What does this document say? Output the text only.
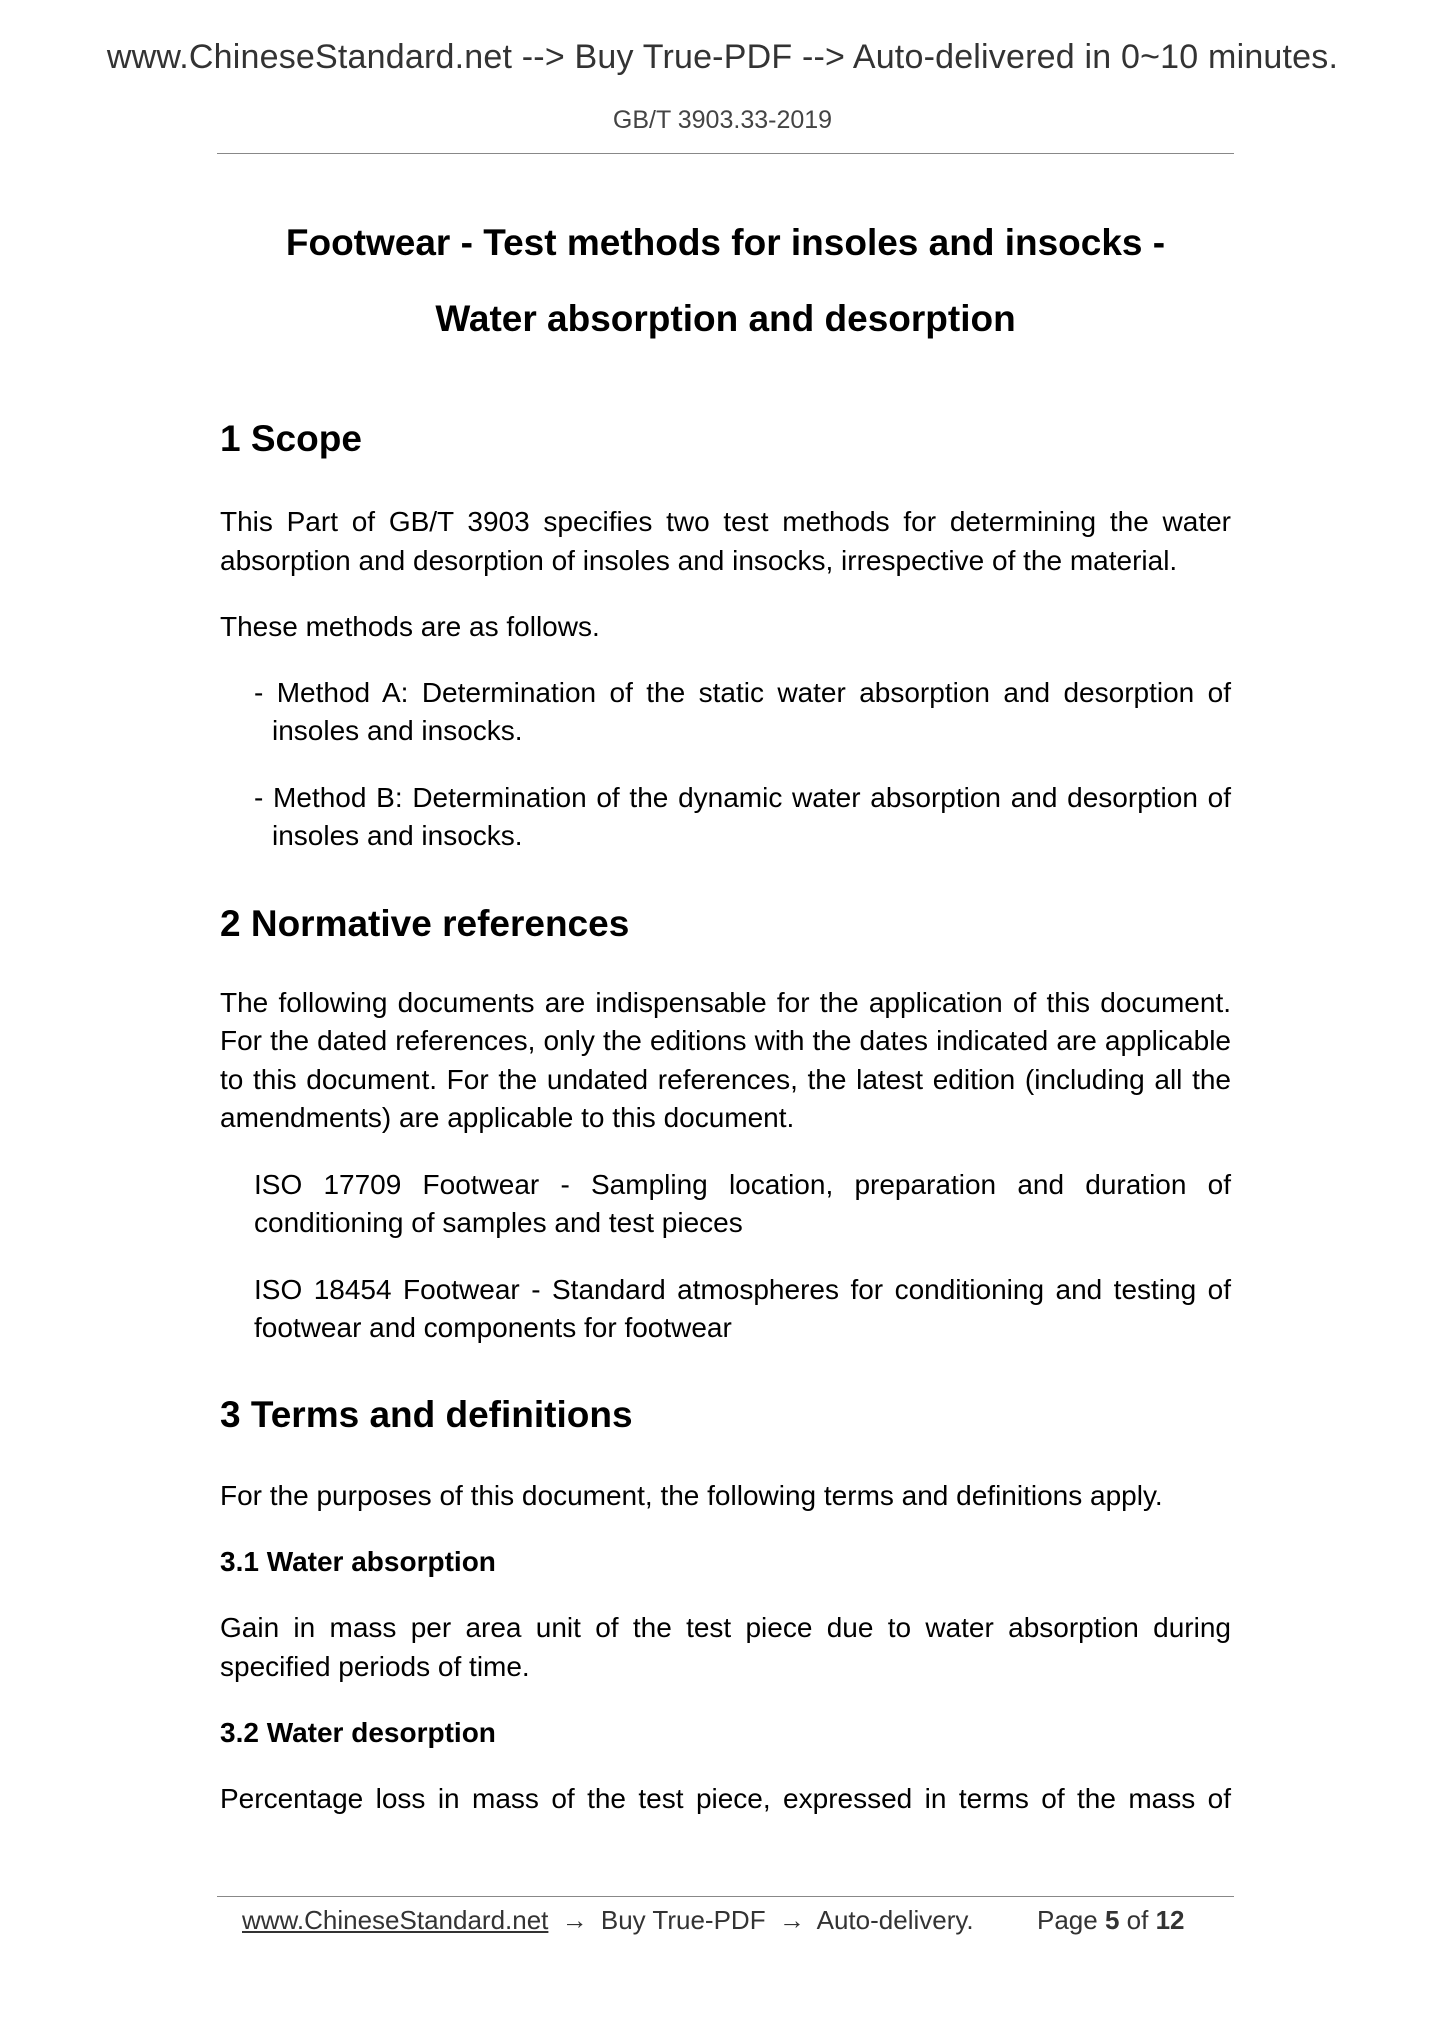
www.ChineseStandard.net --> Buy True-PDF --> Auto-delivered in 0~10 minutes.
GB/T 3903.33-2019
Footwear - Test methods for insoles and insocks -
Water absorption and desorption
1 Scope

This Part of GB/T 3903 specifies two test methods for determining the water absorption and desorption of insoles and insocks, irrespective of the material.

These methods are as follows.

- Method A: Determination of the static water absorption and desorption of insoles and insocks.

- Method B: Determination of the dynamic water absorption and desorption of insoles and insocks.

2 Normative references

The following documents are indispensable for the application of this document. For the dated references, only the editions with the dates indicated are applicable to this document. For the undated references, the latest edition (including all the amendments) are applicable to this document.

ISO 17709 Footwear - Sampling location, preparation and duration of conditioning of samples and test pieces

ISO 18454 Footwear - Standard atmospheres for conditioning and testing of footwear and components for footwear

3 Terms and definitions

For the purposes of this document, the following terms and definitions apply.

3.1 Water absorption

Gain in mass per area unit of the test piece due to water absorption during specified periods of time.

3.2 Water desorption

Percentage loss in mass of the test piece, expressed in terms of the mass of

www.ChineseStandard.net → Buy True-PDF → Auto-delivery. Page 5 of 12
